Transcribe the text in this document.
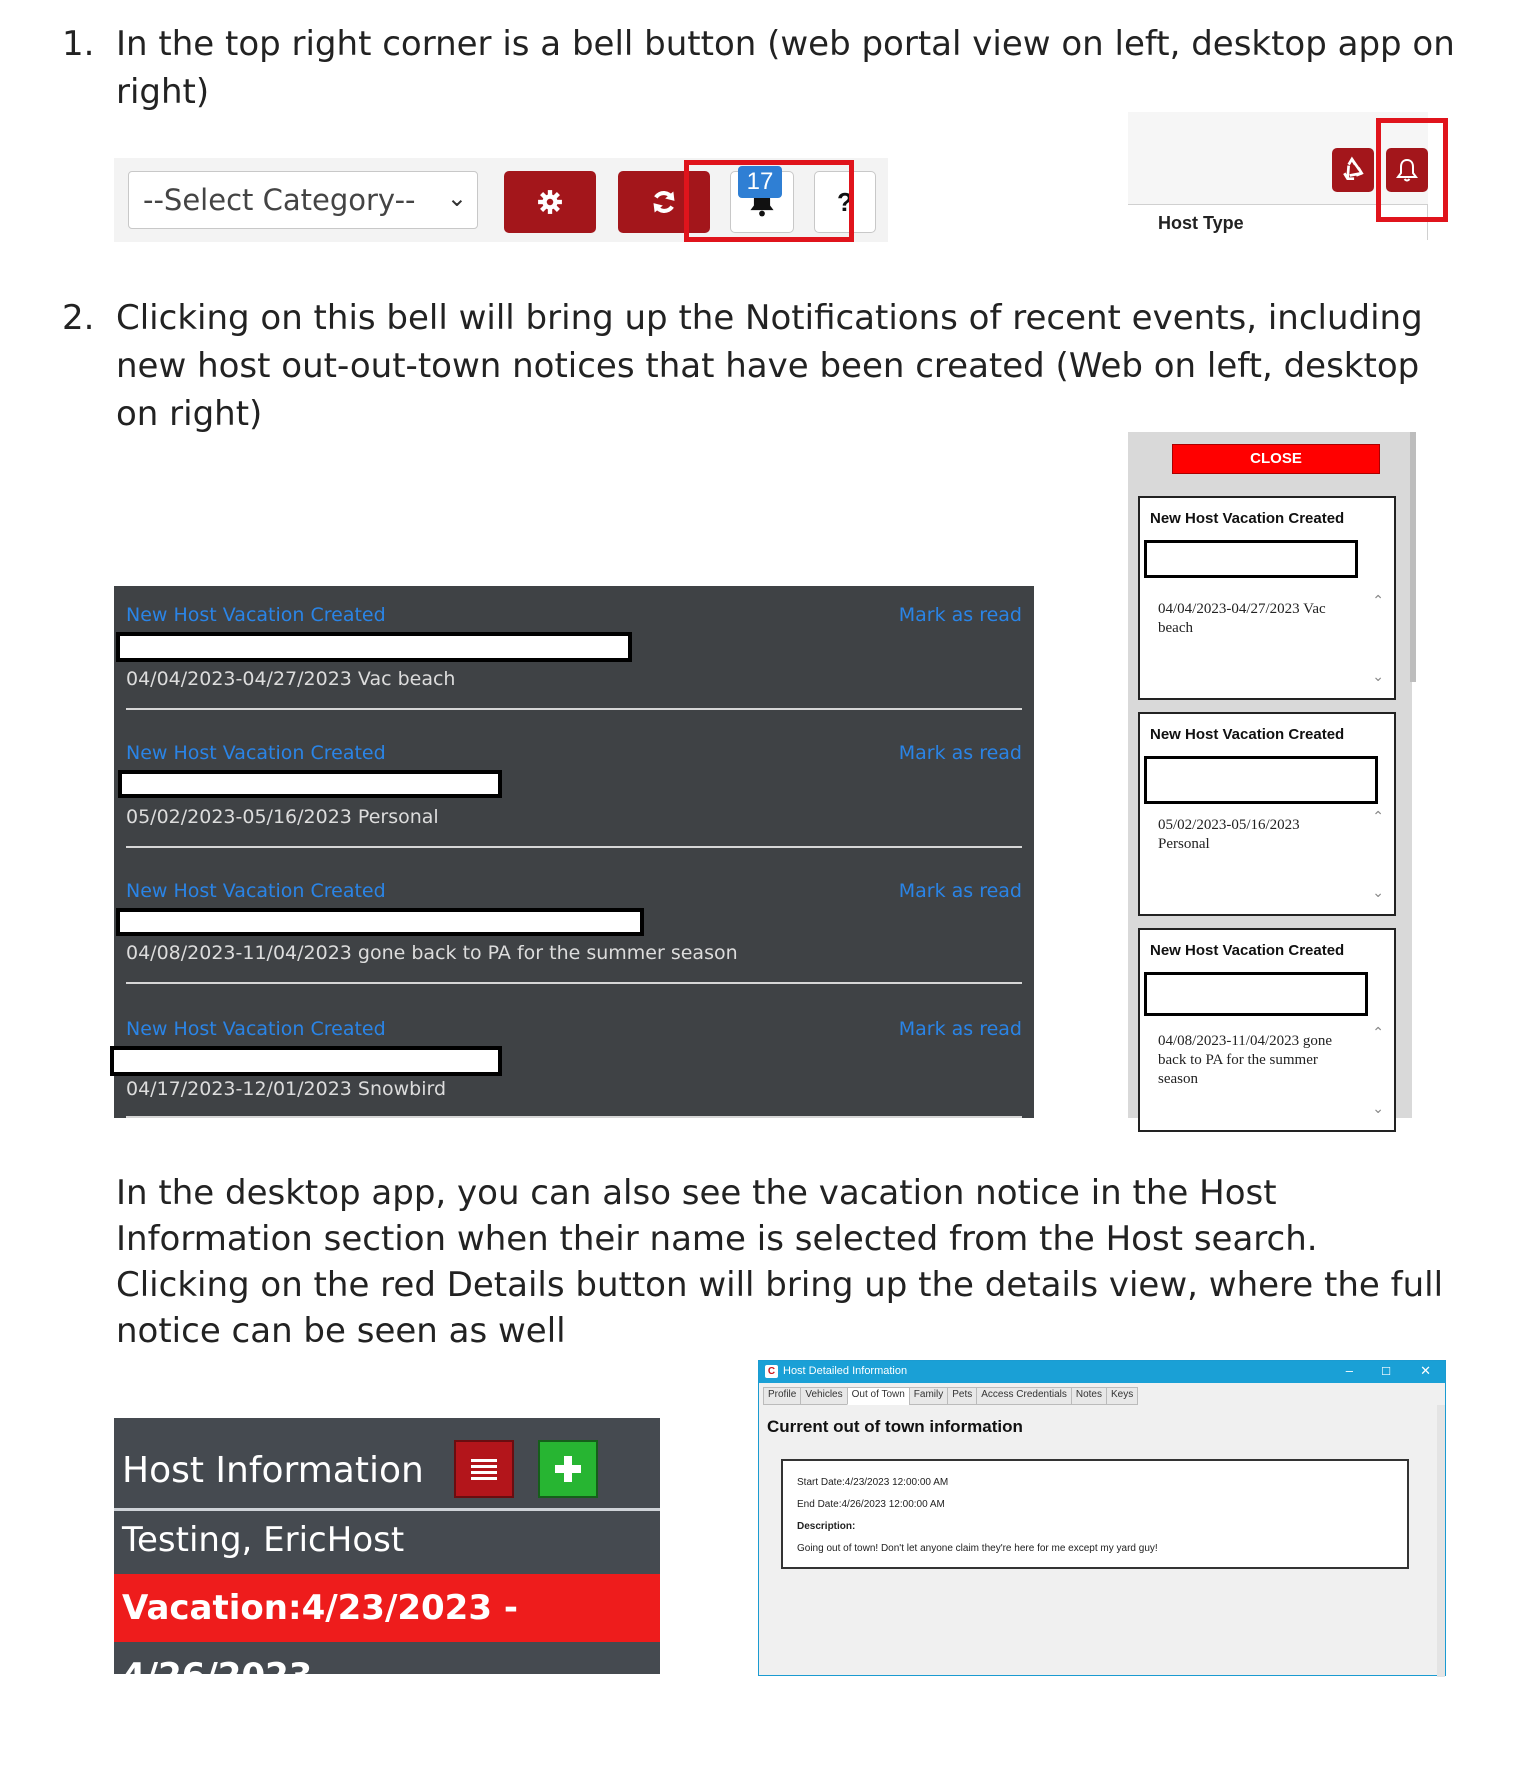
1. In the top right corner is a bell button (web portal view on left, desktop app on right)
--Select Category-- ⌄
17
?
Host Type
2. Clicking on this bell will bring up the Notifications of recent events, including new host out-out-town notices that have been created (Web on left, desktop on right)
New Host Vacation Created	Mark as read
04/04/2023-04/27/2023 Vac beach
New Host Vacation Created	Mark as read
05/02/2023-05/16/2023 Personal
New Host Vacation Created	Mark as read
04/08/2023-11/04/2023 gone back to PA for the summer season
New Host Vacation Created	Mark as read
04/17/2023-12/01/2023 Snowbird
CLOSE
New Host Vacation Created
04/04/2023-04/27/2023 Vac beach
⌃
⌄
New Host Vacation Created
05/02/2023-05/16/2023 Personal
⌃
⌄
New Host Vacation Created
04/08/2023-11/04/2023 gone back to PA for the summer season
⌃
⌄
In the desktop app, you can also see the vacation notice in the Host Information section when their name is selected from the Host search. Clicking on the red Details button will bring up the details view, where the full notice can be seen as well
Host Information
Testing, EricHost
Vacation:4/23/2023 - 4/26/2023
C Host Detailed Information	–	☐ ✕
Profile Vehicles Out of Town Family Pets Access Credentials Notes Keys
Current out of town information
Start Date:4/23/2023 12:00:00 AM
End Date:4/26/2023 12:00:00 AM
Description:
Going out of town! Don't let anyone claim they're here for me except my yard guy!
